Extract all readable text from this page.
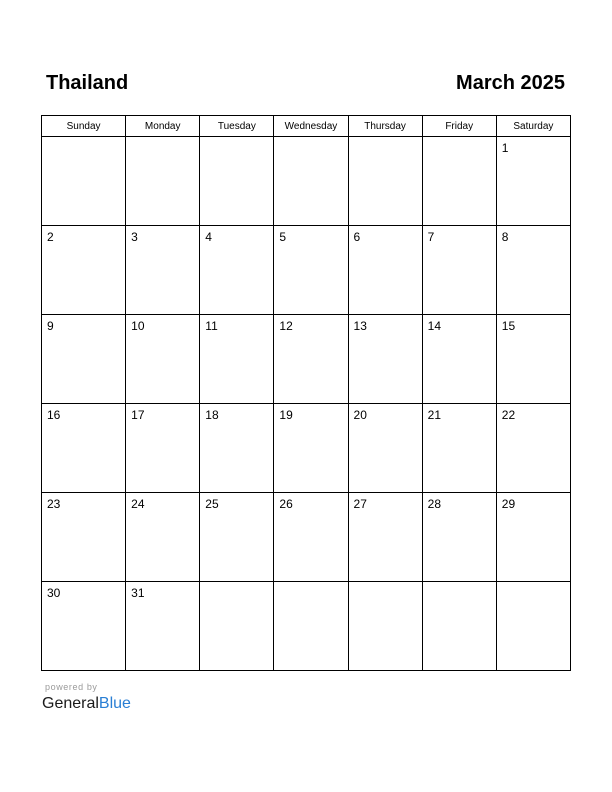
Thailand	March 2025
Sunday	Monday	Tuesday	Wednesday	Thursday	Friday	Saturday

						1

2	3	4	5	6	7	8

9	10	11	12	13	14	15

16	17	18	19	20	21	22

23	24	25	26	27	28	29

30	31					

powered by
GeneralBlue
